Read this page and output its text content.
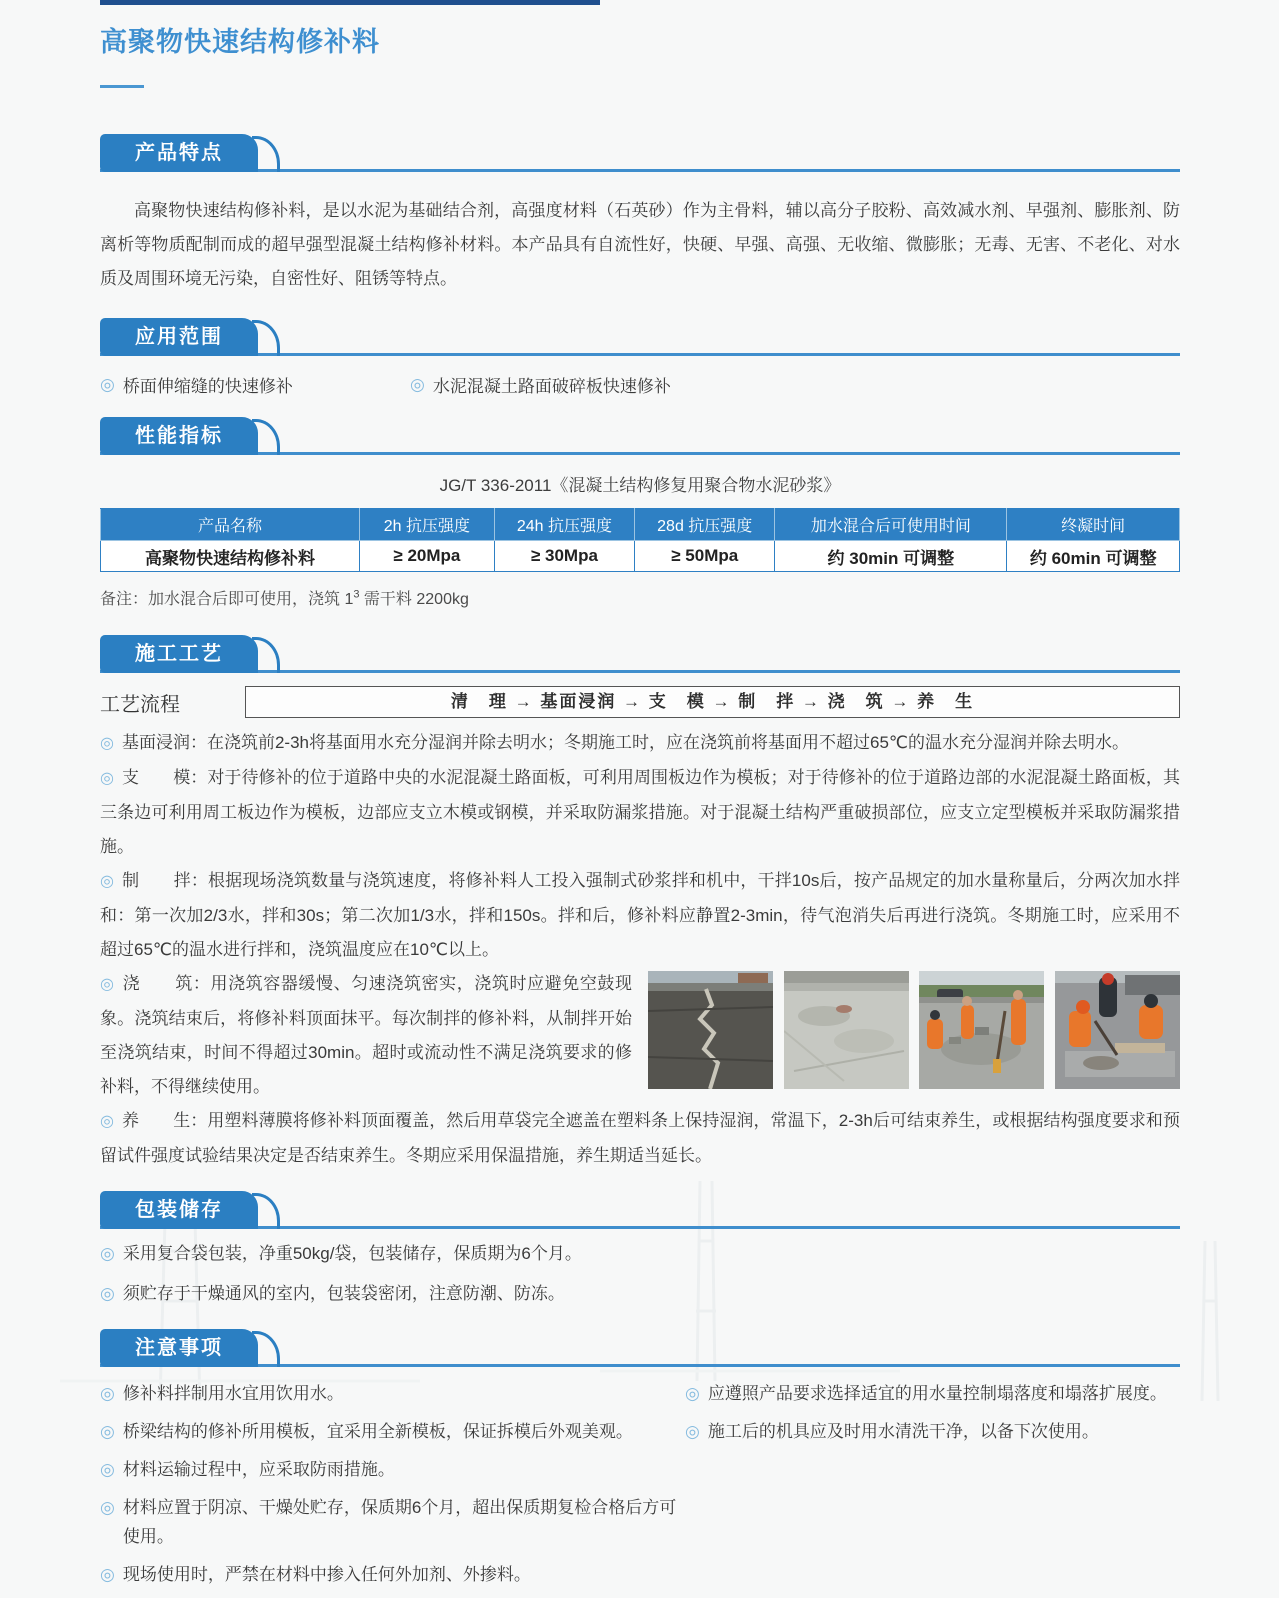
高聚物快速结构修补料
产品特点

高聚物快速结构修补料，是以水泥为基础结合剂，高强度材料（石英砂）作为主骨料，辅以高分子胶粉、高效减水剂、早强剂、膨胀剂、防离析等物质配制而成的超早强型混凝土结构修补材料。本产品具有自流性好，快硬、早强、高强、无收缩、微膨胀；无毒、无害、不老化、对水质及周围环境无污染，自密性好、阻锈等特点。

应用范围
◎ 桥面伸缩缝的快速修补	◎ 水泥混凝土路面破碎板快速修补
性能指标
JG/T 336-2011《混凝土结构修复用聚合物水泥砂浆》
产品名称	2h 抗压强度	24h 抗压强度	28d 抗压强度	加水混合后可使用时间	终凝时间
高聚物快速结构修补料	≥ 20Mpa	≥ 30Mpa	≥ 50Mpa	约 30min 可调整	约 60min 可调整
备注：加水混合后即可使用，浇筑 $1^3$ 需干料 2200kg
施工工艺
工艺流程	清　理 → 基面浸润 → 支　模 → 制　拌 → 浇　筑 → 养　生

◎ 基面浸润：在浇筑前2-3h将基面用水充分湿润并除去明水；冬期施工时，应在浇筑前将基面用不超过65℃的温水充分湿润并除去明水。

◎ 支　　模：对于待修补的位于道路中央的水泥混凝土路面板，可利用周围板边作为模板；对于待修补的位于道路边部的水泥混凝土路面板，其三条边可利用周工板边作为模板，边部应支立木模或钢模，并采取防漏浆措施。对于混凝土结构严重破损部位，应支立定型模板并采取防漏浆措施。

◎ 制　　拌：根据现场浇筑数量与浇筑速度，将修补料人工投入强制式砂浆拌和机中，干拌10s后，按产品规定的加水量称量后，分两次加水拌和：第一次加2/3水，拌和30s；第二次加1/3水，拌和150s。拌和后，修补料应静置2-3min，待气泡消失后再进行浇筑。冬期施工时，应采用不超过65℃的温水进行拌和，浇筑温度应在10℃以上。

◎ 浇　　筑：用浇筑容器缓慢、匀速浇筑密实，浇筑时应避免空鼓现象。浇筑结束后，将修补料顶面抹平。每次制拌的修补料，从制拌开始至浇筑结束，时间不得超过30min。超时或流动性不满足浇筑要求的修补料，不得继续使用。

◎ 养　　生：用塑料薄膜将修补料顶面覆盖，然后用草袋完全遮盖在塑料条上保持湿润，常温下，2-3h后可结束养生，或根据结构强度要求和预留试件强度试验结果决定是否结束养生。冬期应采用保温措施，养生期适当延长。

包装储存
◎ 采用复合袋包装，净重50kg/袋，包装储存，保质期为6个月。
◎ 须贮存于干燥通风的室内，包装袋密闭，注意防潮、防冻。
注意事项
◎ 修补料拌制用水宜用饮用水。
◎ 桥梁结构的修补所用模板，宜采用全新模板，保证拆模后外观美观。
◎ 材料运输过程中，应采取防雨措施。
◎ 材料应置于阴凉、干燥处贮存，保质期6个月，超出保质期复检合格后方可使用。
◎ 现场使用时，严禁在材料中掺入任何外加剂、外掺料。
◎ 应遵照产品要求选择适宜的用水量控制塌落度和塌落扩展度。
◎ 施工后的机具应及时用水清洗干净，以备下次使用。
